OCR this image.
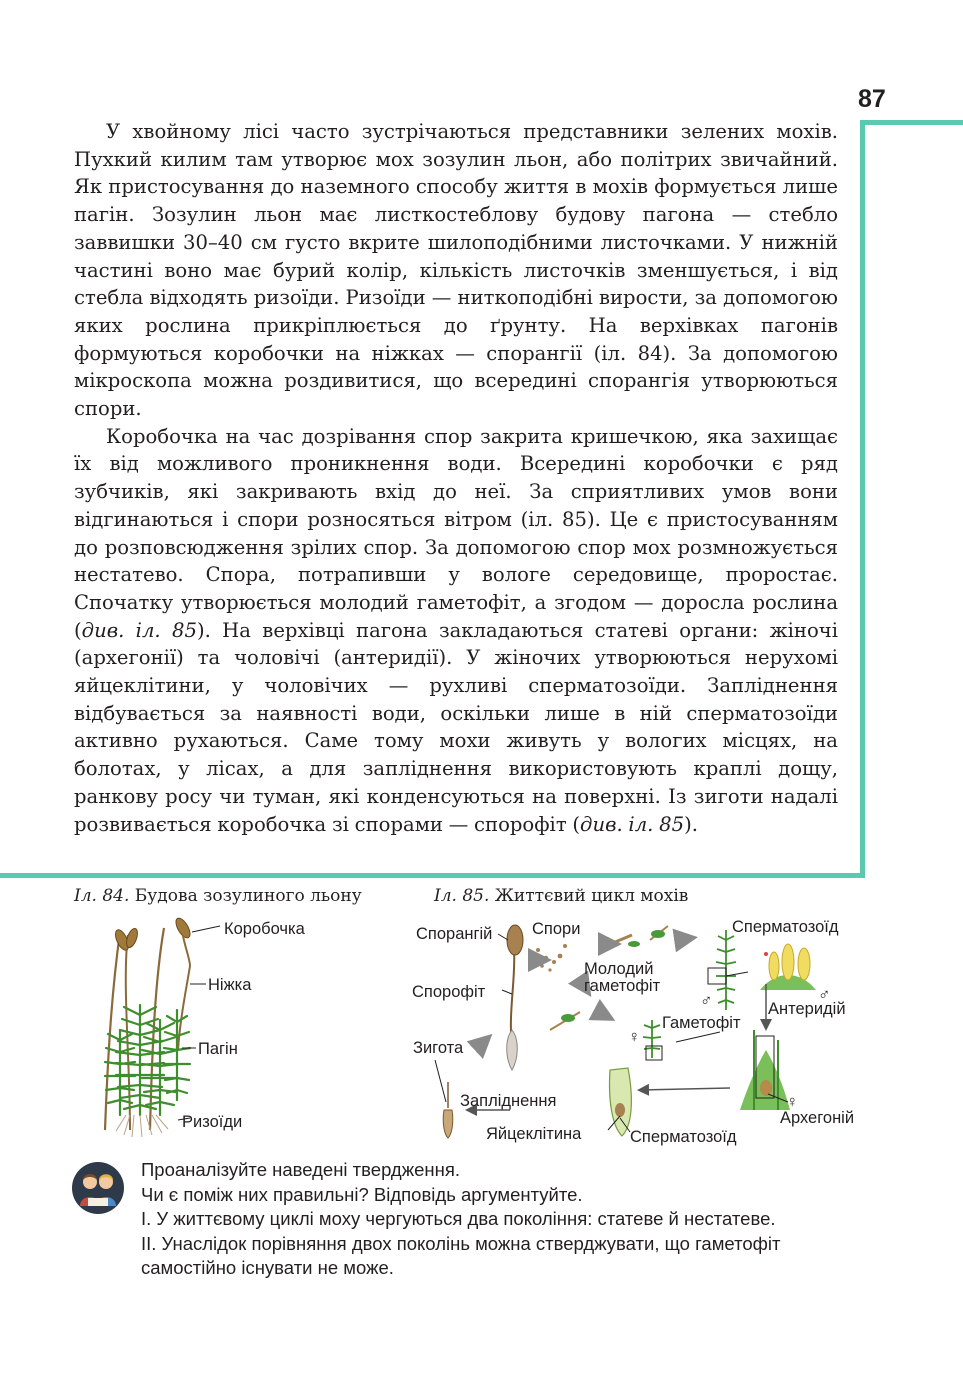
87

У хвойному лісі часто зустрічаються представники зелених мохів. Пухкий килим там утворює мох зозулин льон, або політрих звичайний. Як пристосування до наземного способу життя в мохів формується лише пагін. Зозулин льон має листкостеблову будову пагона — стебло заввишки 30–40 см густо вкрите шилоподібними листочками. У нижній частині воно має бурий колір, кількість листочків зменшується, і від стебла відходять ризоїди. Ризоїди — ниткоподібні вирости, за допомогою яких рослина прикріплюється до ґрунту. На верхівках пагонів формуються коробочки на ніжках — спорангії (іл. 84). За допомогою мікроскопа можна роздивитися, що всередині спорангія утворюються спори.

Коробочка на час дозрівання спор закрита кришечкою, яка захищає їх від можливого проникнення води. Всередині коробочки є ряд зубчиків, які закривають вхід до неї. За сприятливих умов вони відгинаються і спори розносяться вітром (іл. 85). Це є пристосуванням до розповсюдження зрілих спор. За допомогою спор мох розмножується нестатево. Спора, потрапивши у вологе середовище, проростає. Спочатку утворюється молодий гаметофіт, а згодом — доросла рослина (див. іл. 85). На верхівці пагона закладаються статеві органи: жіночі (архегонії) та чоловічі (антеридії). У жіночих утворюються нерухомі яйцеклітини, у чоловічих — рухливі сперматозоїди. Запліднення відбувається за наявності води, оскільки лише в ній сперматозоїди активно рухаються. Саме тому мохи живуть у вологих місцях, на болотах, у лісах, а для запліднення використовують краплі дощу, ранкову росу чи туман, які конденсуються на поверхні. Із зиготи надалі розвивається коробочка зі спорами — спорофіт (див. іл. 85).

Іл. 84. Будова зозулиного льону	Іл. 85. Життєвий цикл мохів
Коробочка
Ніжка
Пагін
Ризоїди
Спорангій Спори
Молодий
гаметофіт
Спорофіт
Зигота
Запліднення
Яйцеклітина	Сперматозоїд
Архегоній
Гаметофіт
Антеридій
Сперматозоїд
♂	♂
♀
♀
Проаналізуйте наведені твердження.
Чи є поміж них правильні? Відповідь аргументуйте.
I. У життєвому циклі моху чергуються два покоління: статеве й нестатеве.
II. Унаслідок порівняння двох поколінь можна стверджувати, що гаметофіт
самостійно існувати не може.
